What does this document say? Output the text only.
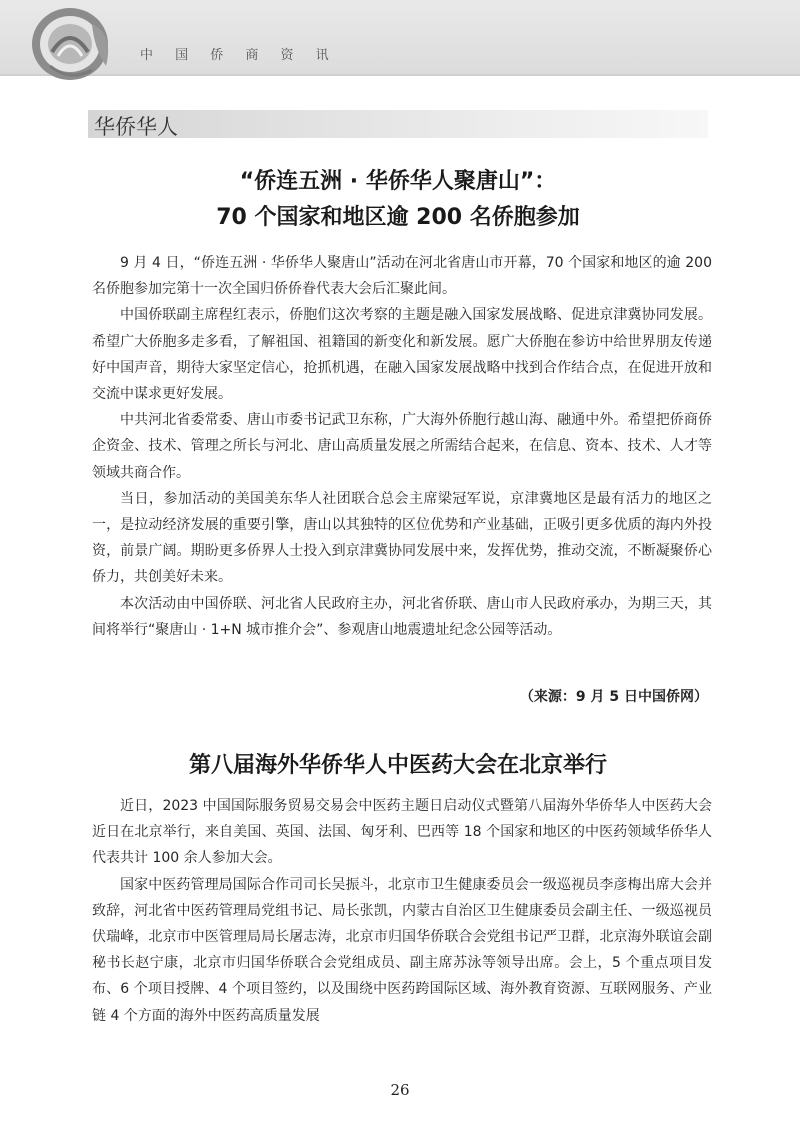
中 国 侨 商 资 讯
华侨华人
“侨连五洲 · 华侨华人聚唐山”：
70 个国家和地区逾 200 名侨胞参加

9 月 4 日，“侨连五洲 · 华侨华人聚唐山”活动在河北省唐山市开幕，70 个国家和地区的逾 200 名侨胞参加完第十一次全国归侨侨眷代表大会后汇聚此间。

中国侨联副主席程红表示，侨胞们这次考察的主题是融入国家发展战略、促进京津冀协同发展。希望广大侨胞多走多看，了解祖国、祖籍国的新变化和新发展。愿广大侨胞在参访中给世界朋友传递好中国声音，期待大家坚定信心，抢抓机遇，在融入国家发展战略中找到合作结合点，在促进开放和交流中谋求更好发展。

中共河北省委常委、唐山市委书记武卫东称，广大海外侨胞行越山海、融通中外。希望把侨商侨企资金、技术、管理之所长与河北、唐山高质量发展之所需结合起来，在信息、资本、技术、人才等领域共商合作。

当日，参加活动的美国美东华人社团联合总会主席梁冠军说，京津冀地区是最有活力的地区之一，是拉动经济发展的重要引擎，唐山以其独特的区位优势和产业基础，正吸引更多优质的海内外投资，前景广阔。期盼更多侨界人士投入到京津冀协同发展中来，发挥优势，推动交流，不断凝聚侨心侨力，共创美好未来。

本次活动由中国侨联、河北省人民政府主办，河北省侨联、唐山市人民政府承办，为期三天，其间将举行“聚唐山 · 1+N 城市推介会”、参观唐山地震遗址纪念公园等活动。

（来源：9 月 5 日中国侨网）
第八届海外华侨华人中医药大会在北京举行

近日，2023 中国国际服务贸易交易会中医药主题日启动仪式暨第八届海外华侨华人中医药大会近日在北京举行，来自美国、英国、法国、匈牙利、巴西等 18 个国家和地区的中医药领域华侨华人代表共计 100 余人参加大会。

国家中医药管理局国际合作司司长吴振斗，北京市卫生健康委员会一级巡视员李彦梅出席大会并致辞，河北省中医药管理局党组书记、局长张凯，内蒙古自治区卫生健康委员会副主任、一级巡视员伏瑞峰，北京市中医管理局局长屠志涛，北京市归国华侨联合会党组书记严卫群，北京海外联谊会副秘书长赵宁康，北京市归国华侨联合会党组成员、副主席苏泳等领导出席。会上，5 个重点项目发布、6 个项目授牌、4 个项目签约，以及围绕中医药跨国际区域、海外教育资源、互联网服务、产业链 4 个方面的海外中医药高质量发展

26
